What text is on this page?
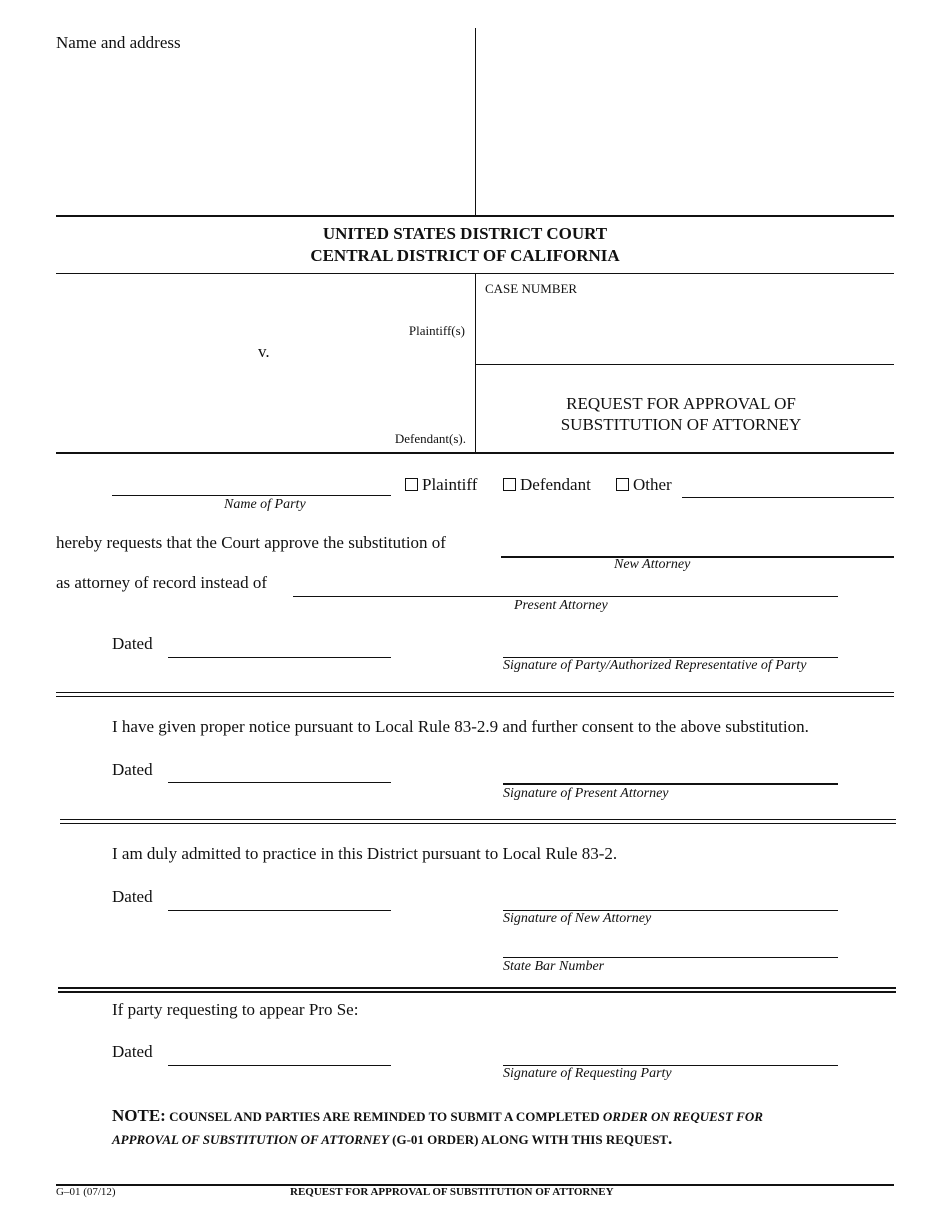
Name and address
UNITED STATES DISTRICT COURT
CENTRAL DISTRICT OF CALIFORNIA
CASE NUMBER
Plaintiff(s)
v.
Defendant(s).
REQUEST FOR APPROVAL OF
SUBSTITUTION OF ATTORNEY
Name of Party
Plaintiff	Defendant	Other
hereby requests that the Court approve the substitution of
New Attorney
as attorney of record instead of
Present Attorney
Dated
Signature of Party/Authorized Representative of Party
I have given proper notice pursuant to Local Rule 83-2.9 and further consent to the above substitution.
Dated
Signature of Present Attorney
I am duly admitted to practice in this District pursuant to Local Rule 83-2.
Dated
Signature of New Attorney
State Bar Number
If party requesting to appear Pro Se:
Dated
Signature of Requesting Party
NOTE: COUNSEL AND PARTIES ARE REMINDED TO SUBMIT A COMPLETED ORDER ON REQUEST FOR
APPROVAL OF SUBSTITUTION OF ATTORNEY (G-01 ORDER) ALONG WITH THIS REQUEST.
G–01 (07/12)	REQUEST FOR APPROVAL OF SUBSTITUTION OF ATTORNEY
